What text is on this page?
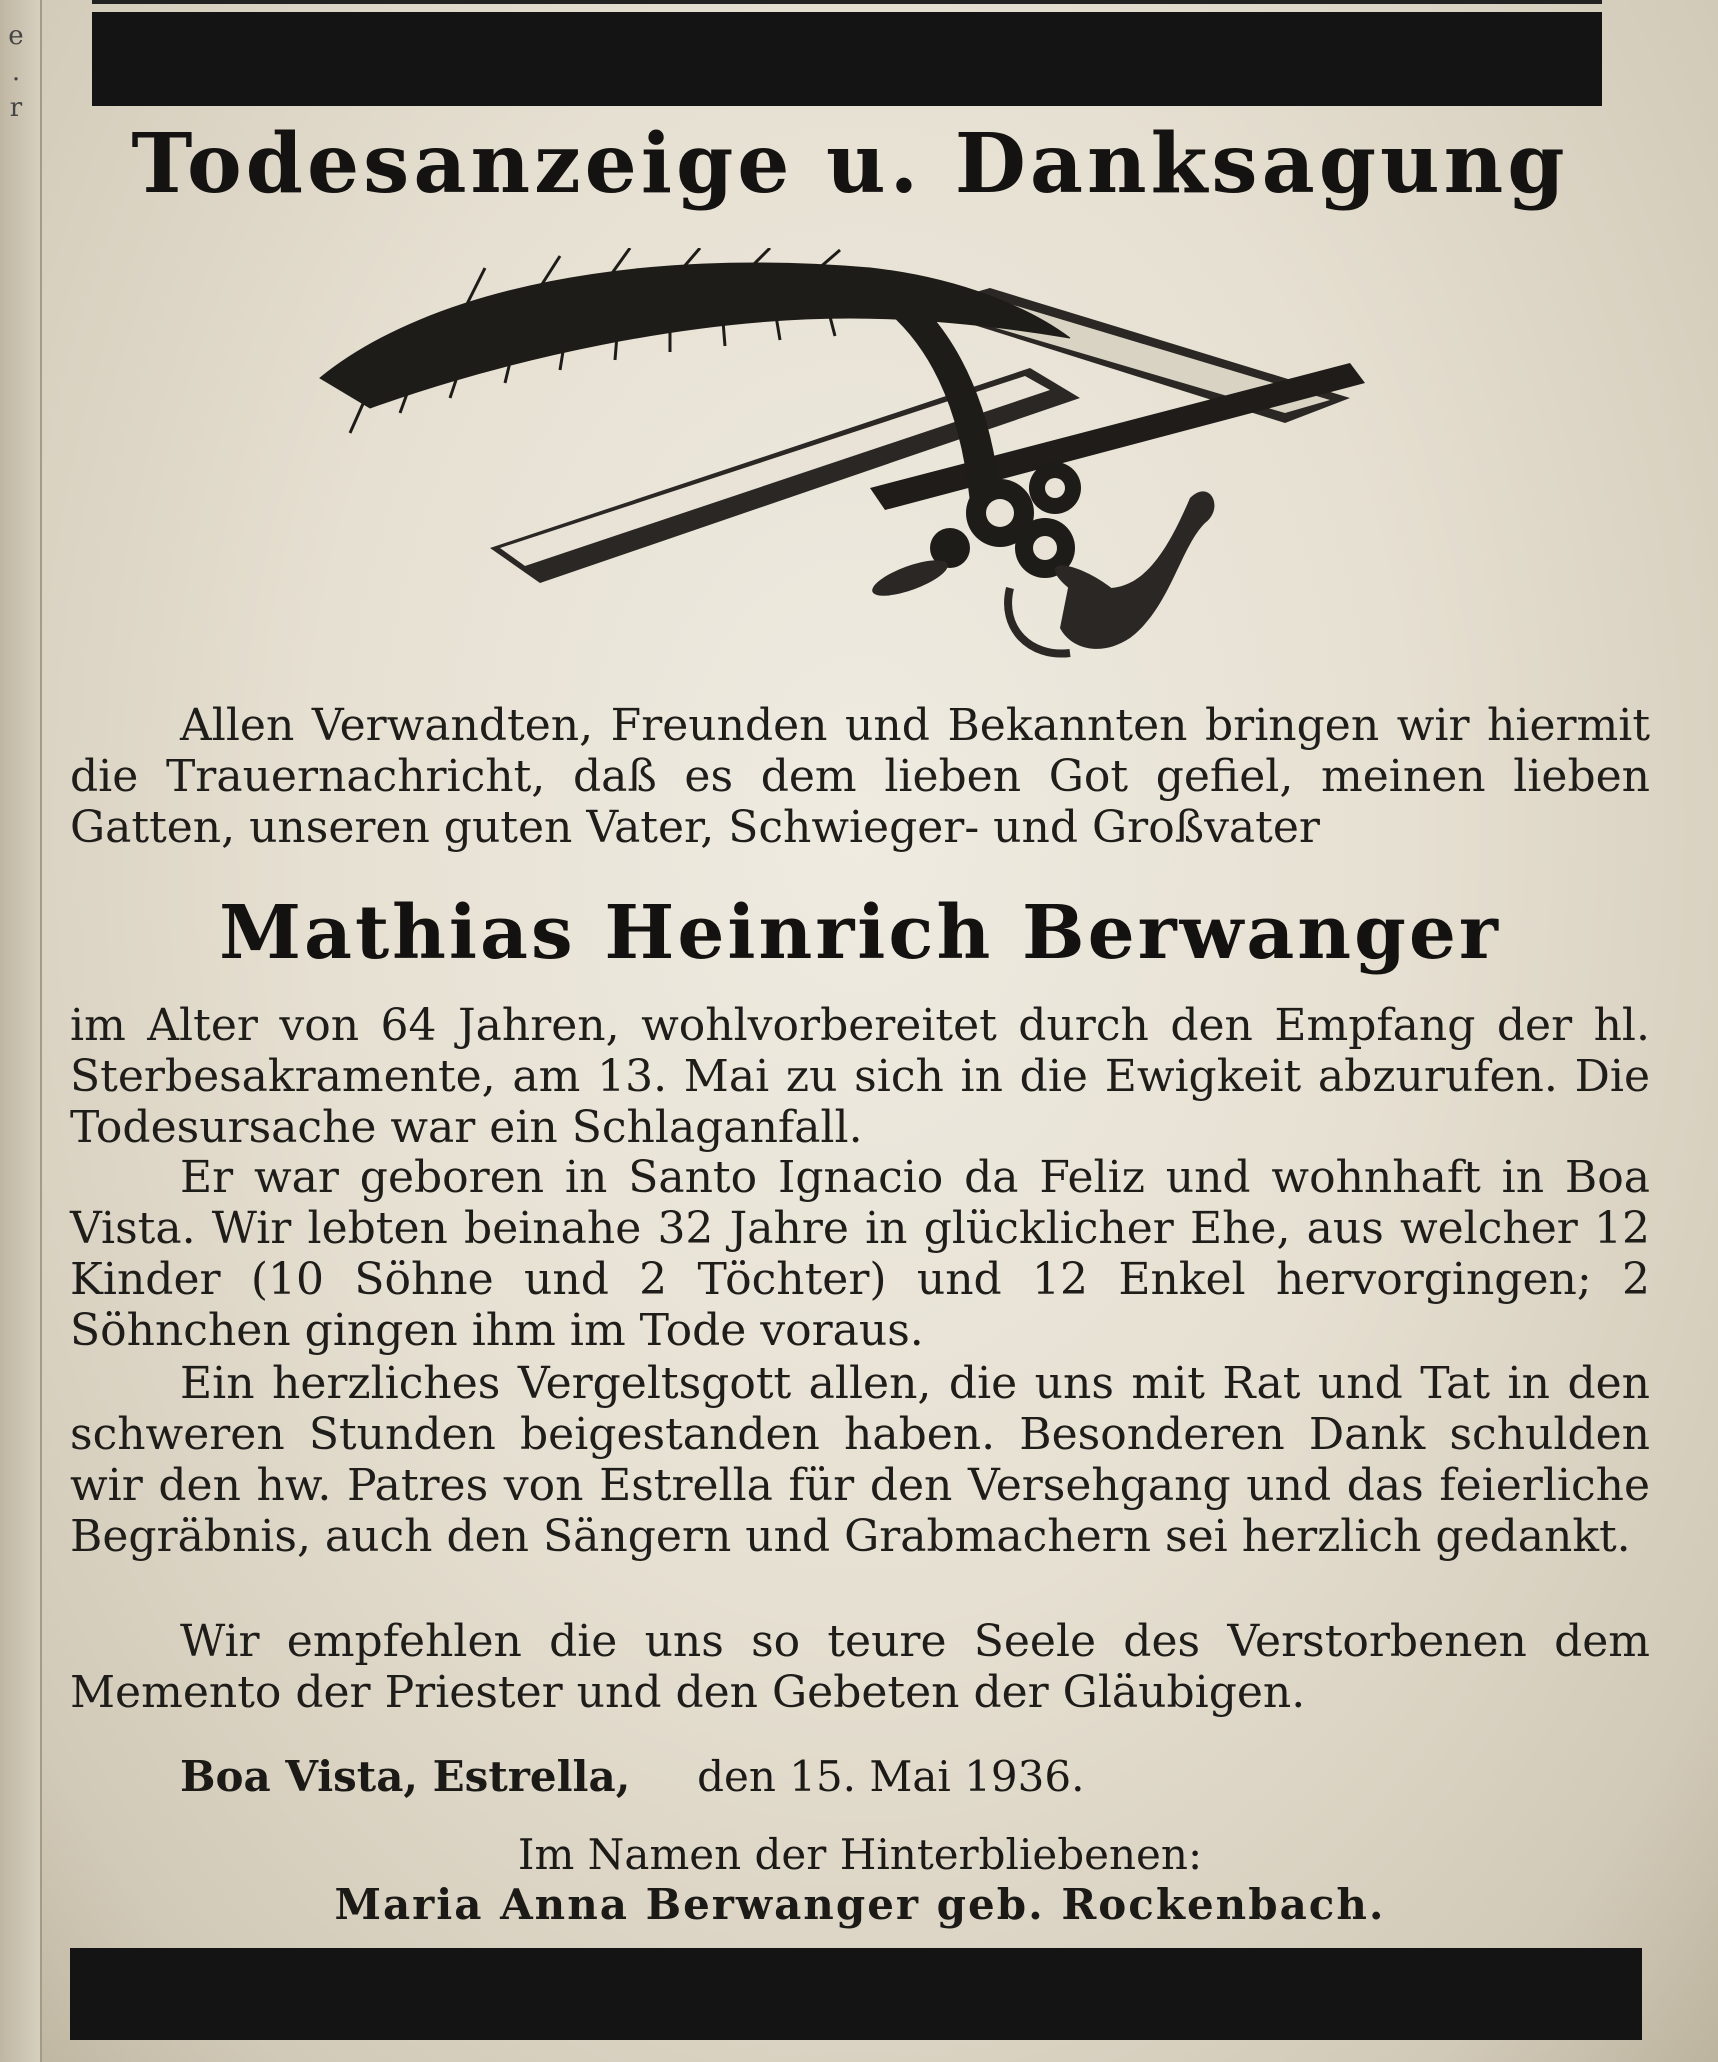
e
.
r
Todesanzeige u. Danksagung

Allen Verwandten, Freunden und Bekannten bringen wir hiermit die Trauernachricht, daß es dem lieben Got gefiel, meinen lieben Gatten, unseren guten Vater, Schwieger- und Großvater

Mathias Heinrich Berwanger

im Alter von 64 Jahren, wohlvorbereitet durch den Empfang der hl. Sterbesakramente, am 13. Mai zu sich in die Ewigkeit abzurufen. Die Todesursache war ein Schlaganfall.

Er war geboren in Santo Ignacio da Feliz und wohnhaft in Boa Vista. Wir lebten beinahe 32 Jahre in glücklicher Ehe, aus welcher 12 Kinder (10 Söhne und 2 Töchter) und 12 Enkel hervorgingen; 2 Söhnchen gingen ihm im Tode voraus.

Ein herzliches Vergeltsgott allen, die uns mit Rat und Tat in den schweren Stunden beigestanden haben. Besonderen Dank schulden wir den hw. Patres von Estrella für den Versehgang und das feierliche Begräbnis, auch den Sängern und Grabmachern sei herzlich gedankt.

Wir empfehlen die uns so teure Seele des Verstorbenen dem Memento der Priester und den Gebeten der Gläubigen.

Boa Vista, Estrella, den 15. Mai 1936.
Im Namen der Hinterbliebenen:
Maria Anna Berwanger geb. Rockenbach.
